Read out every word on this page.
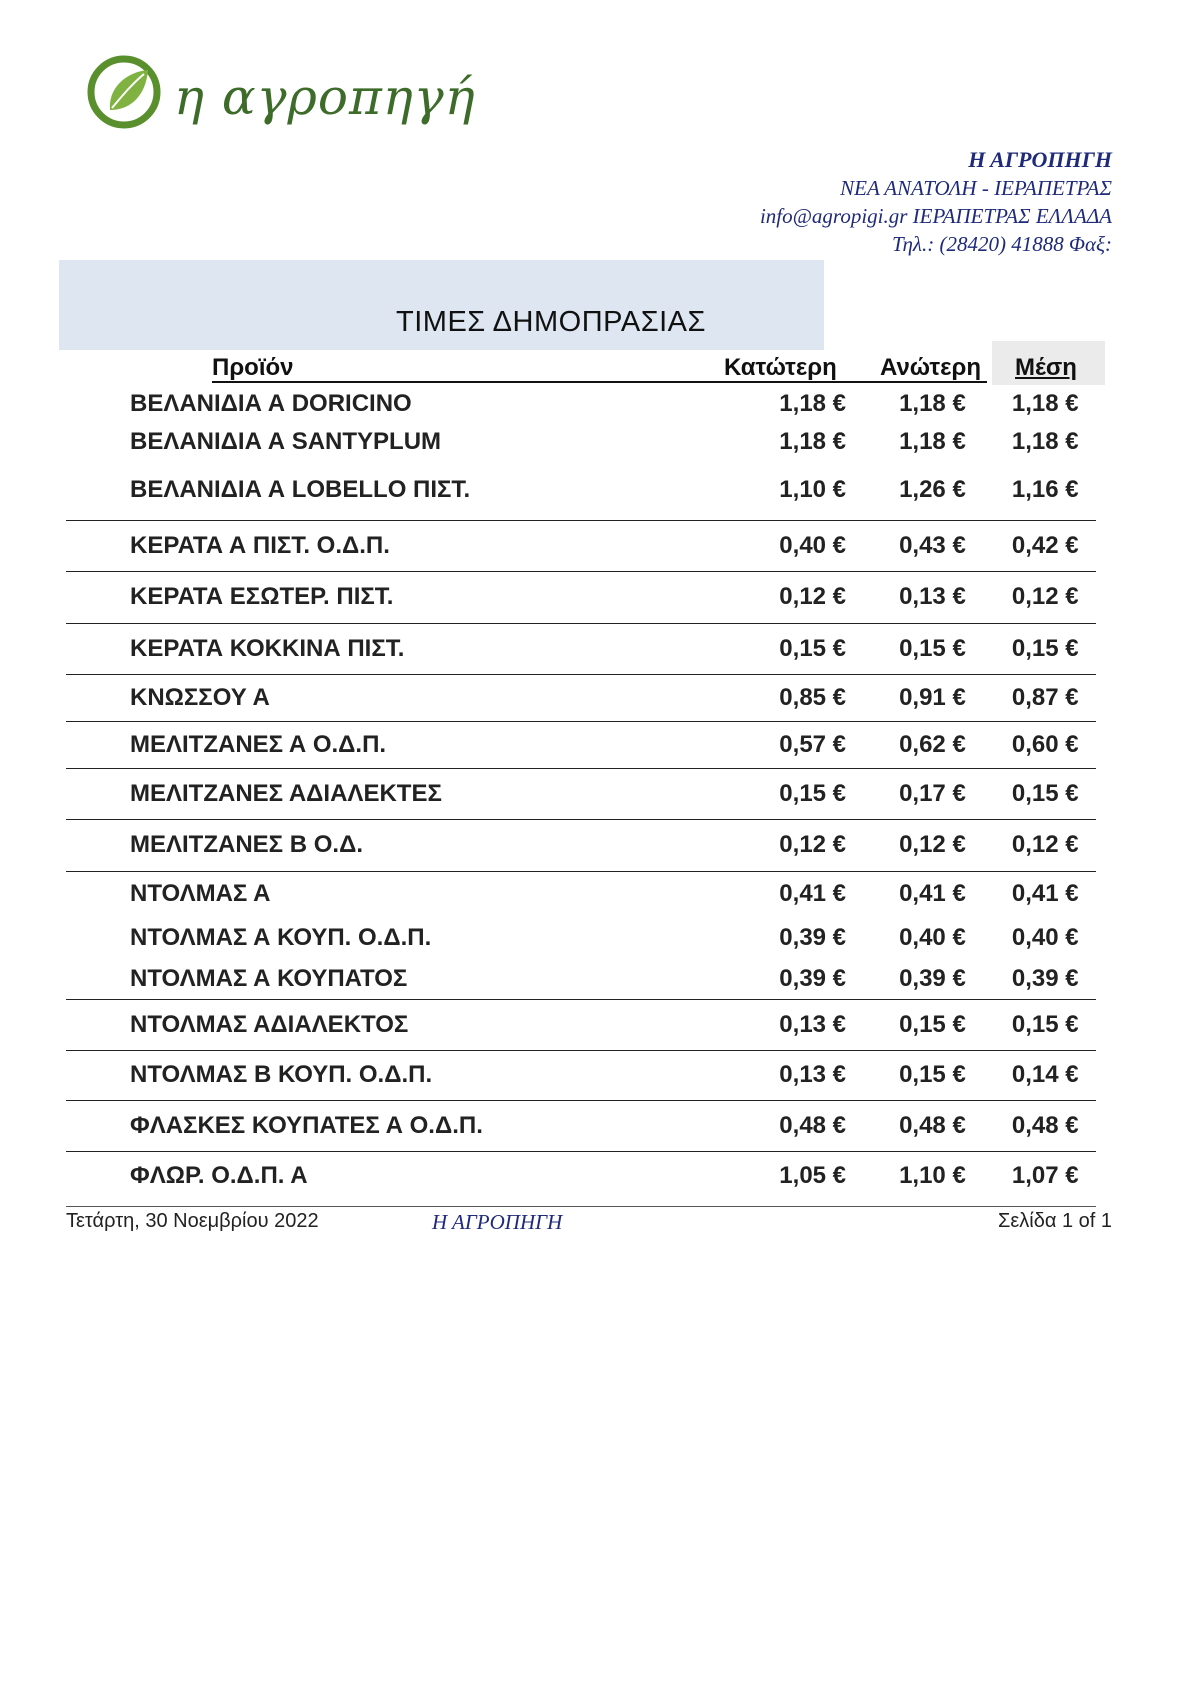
η αγροπηγή
Η ΑΓΡΟΠΗΓΗ
ΝΕΑ ΑΝΑΤΟΛΗ - ΙΕΡΑΠΕΤΡΑΣ
info@agropigi.gr ΙΕΡΑΠΕΤΡΑΣ ΕΛΛΑΔΑ
Τηλ.: (28420) 41888 Φαξ:
ΤΙΜΕΣ ΔΗΜΟΠΡΑΣΙΑΣ
Προϊόν	Κατώτερη Ανώτερη Μέση
ΒΕΛΑΝΙΔΙΑ Α DORICINO	1,18 €	1,18 €	1,18 €	
ΒΕΛΑΝΙΔΙΑ Α SANTYPLUM	1,18 €	1,18 €	1,18 €	
ΒΕΛΑΝΙΔΙΑ Α LOBELLO ΠΙΣΤ.	1,10 €	1,26 €	1,16 €	
ΚΕΡΑΤΑ Α ΠΙΣΤ. Ο.Δ.Π.	0,40 €	0,43 €	0,42 €	
ΚΕΡΑΤΑ ΕΣΩΤΕΡ. ΠΙΣΤ.	0,12 €	0,13 €	0,12 €	
ΚΕΡΑΤΑ ΚΟΚΚΙΝΑ ΠΙΣΤ.	0,15 €	0,15 €	0,15 €	
ΚΝΩΣΣΟΥ Α	0,85 €	0,91 €	0,87 €	
ΜΕΛΙΤΖΑΝΕΣ Α Ο.Δ.Π.	0,57 €	0,62 €	0,60 €	
ΜΕΛΙΤΖΑΝΕΣ ΑΔΙΑΛΕΚΤΕΣ	0,15 €	0,17 €	0,15 €	
ΜΕΛΙΤΖΑΝΕΣ Β Ο.Δ.	0,12 €	0,12 €	0,12 €	
ΝΤΟΛΜΑΣ Α	0,41 €	0,41 €	0,41 €	
ΝΤΟΛΜΑΣ Α ΚΟΥΠ. Ο.Δ.Π.	0,39 €	0,40 €	0,40 €	
ΝΤΟΛΜΑΣ Α ΚΟΥΠΑΤΟΣ	0,39 €	0,39 €	0,39 €	
ΝΤΟΛΜΑΣ ΑΔΙΑΛΕΚΤΟΣ	0,13 €	0,15 €	0,15 €	
ΝΤΟΛΜΑΣ Β ΚΟΥΠ. Ο.Δ.Π.	0,13 €	0,15 €	0,14 €	
ΦΛΑΣΚΕΣ ΚΟΥΠΑΤΕΣ Α Ο.Δ.Π.	0,48 €	0,48 €	0,48 €	
ΦΛΩΡ. Ο.Δ.Π. Α	1,05 €	1,10 €	1,07 €	
Τετάρτη, 30 Νοεμβρίου 2022	Η ΑΓΡΟΠΗΓΗ	Σελίδα 1 of 1
